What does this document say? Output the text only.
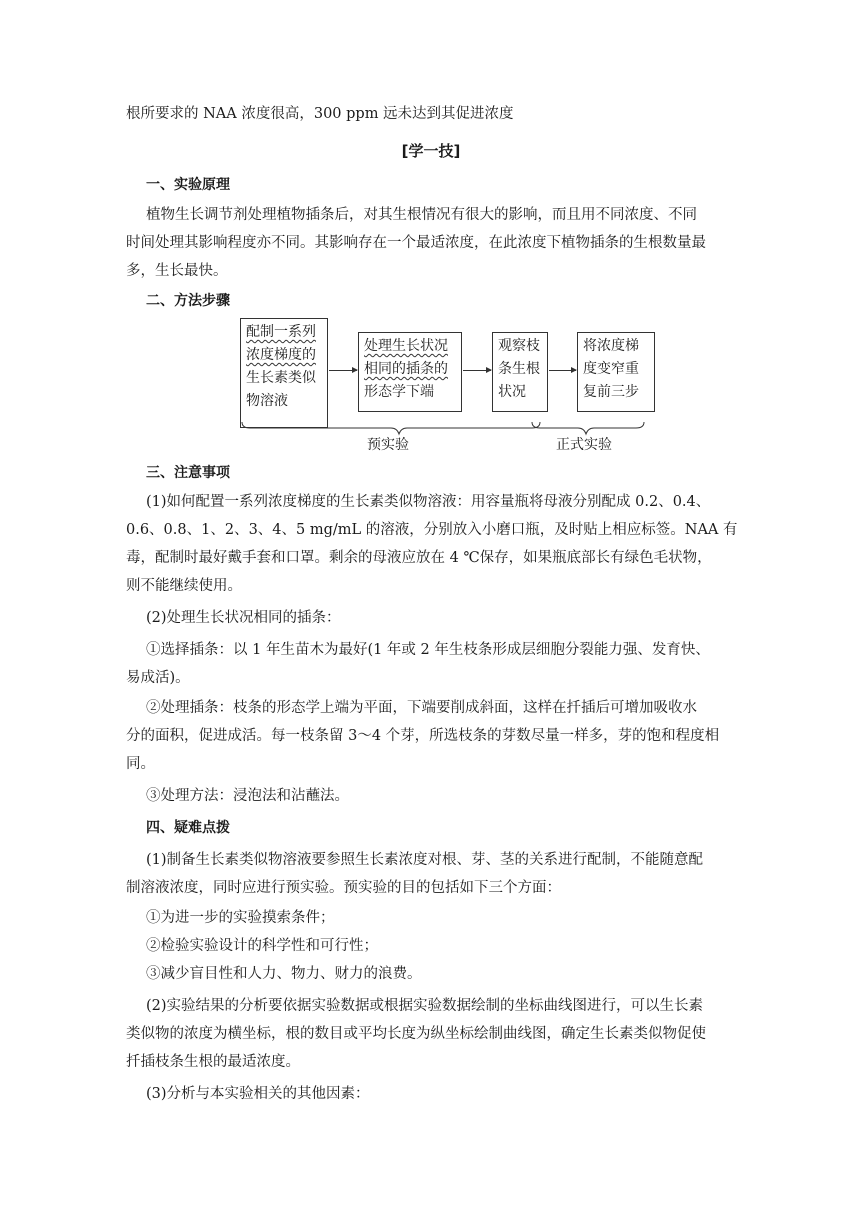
根所要求的 NAA 浓度很高，300 ppm 远未达到其促进浓度
[学一技]
一、实验原理
植物生长调节剂处理植物插条后，对其生根情况有很大的影响，而且用不同浓度、不同
时间处理其影响程度亦不同。其影响存在一个最适浓度，在此浓度下植物插条的生根数量最
多，生长最快。
二、方法步骤
配制一系列
浓度梯度的
生长素类似
物溶液
处理生长状况
相同的插条的
形态学下端
观察枝
条生根
状况
将浓度梯
度变窄重
复前三步
预实验	正式实验
三、注意事项
(1)如何配置一系列浓度梯度的生长素类似物溶液：用容量瓶将母液分别配成 0.2、0.4、
0.6、0.8、1、2、3、4、5 mg/mL 的溶液，分别放入小磨口瓶，及时贴上相应标签。NAA 有
毒，配制时最好戴手套和口罩。剩余的母液应放在 4 ℃保存，如果瓶底部长有绿色毛状物，
则不能继续使用。
(2)处理生长状况相同的插条：
①选择插条：以 1 年生苗木为最好(1 年或 2 年生枝条形成层细胞分裂能力强、发育快、
易成活)。
②处理插条：枝条的形态学上端为平面，下端要削成斜面，这样在扦插后可增加吸收水
分的面积，促进成活。每一枝条留 3～4 个芽，所选枝条的芽数尽量一样多，芽的饱和程度相
同。
③处理方法：浸泡法和沾蘸法。
四、疑难点拨
(1)制备生长素类似物溶液要参照生长素浓度对根、芽、茎的关系进行配制，不能随意配
制溶液浓度，同时应进行预实验。预实验的目的包括如下三个方面：
①为进一步的实验摸索条件；
②检验实验设计的科学性和可行性；
③减少盲目性和人力、物力、财力的浪费。
(2)实验结果的分析要依据实验数据或根据实验数据绘制的坐标曲线图进行，可以生长素
类似物的浓度为横坐标，根的数目或平均长度为纵坐标绘制曲线图，确定生长素类似物促使
扦插枝条生根的最适浓度。
(3)分析与本实验相关的其他因素：
